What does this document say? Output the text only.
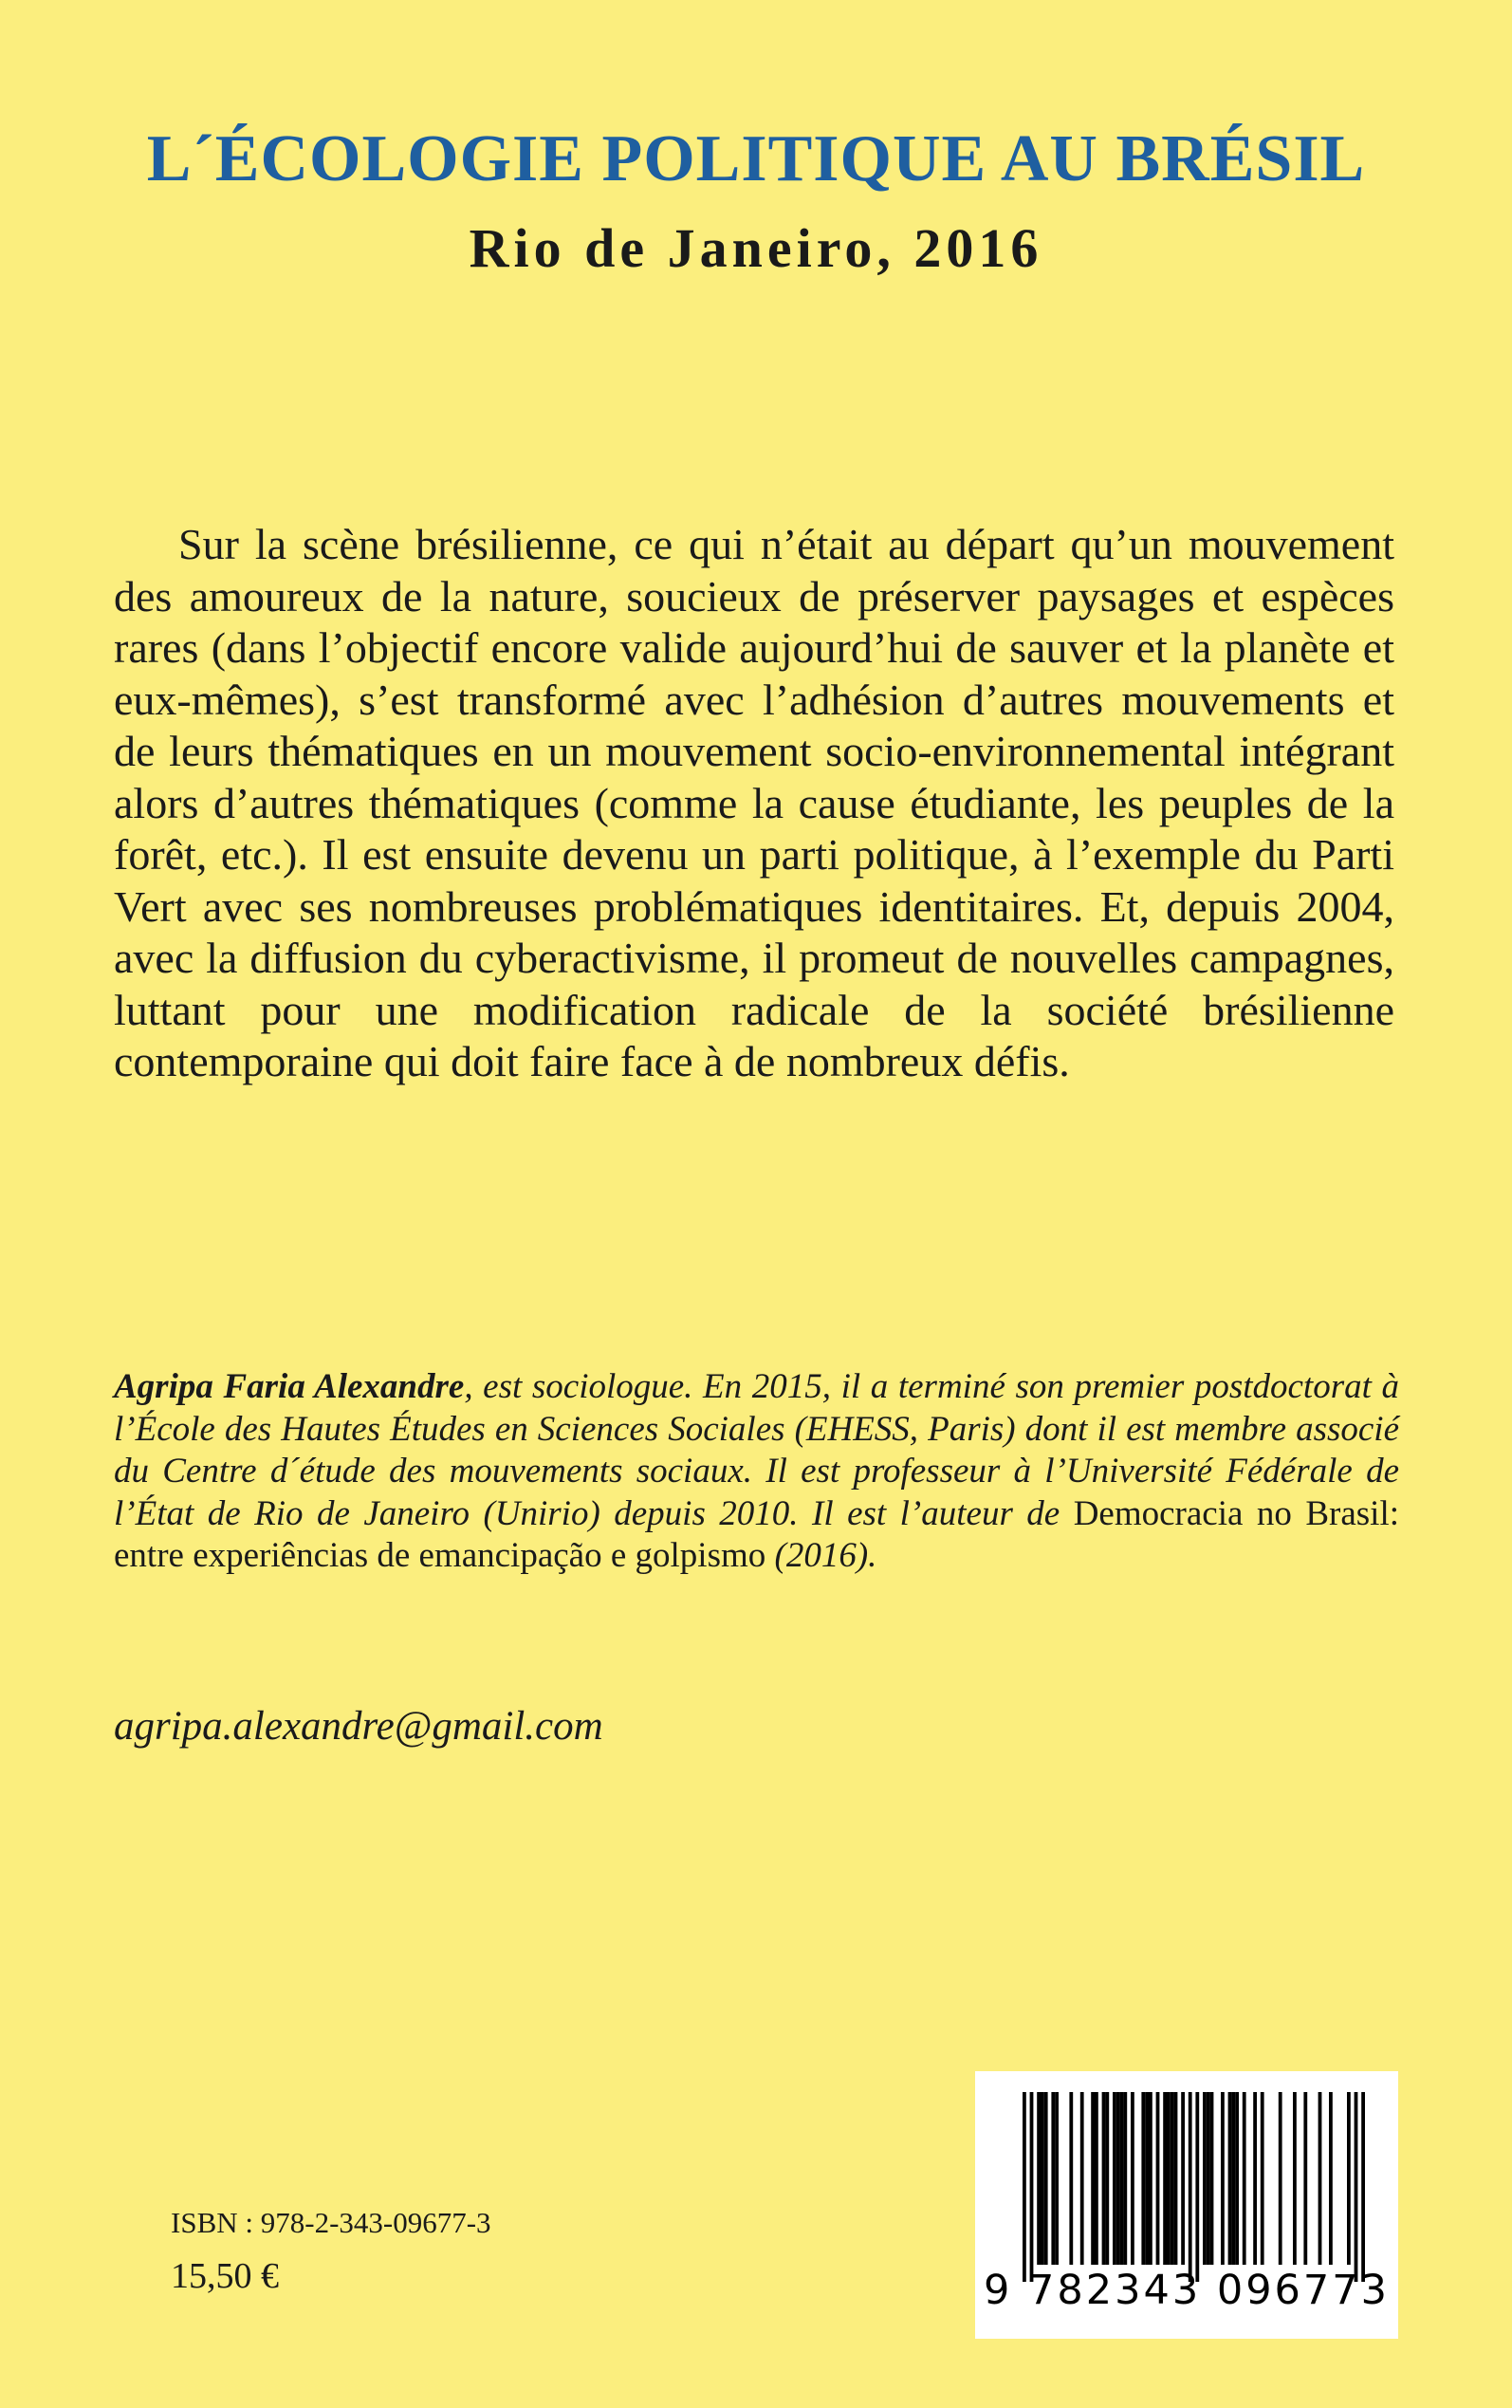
L´ÉCOLOGIE POLITIQUE AU BRÉSIL
Rio de Janeiro, 2016

Sur la scène brésilienne, ce qui n’était au départ qu’un mouvement des amoureux de la nature, soucieux de préserver paysages et espèces rares (dans l’objectif encore valide aujourd’hui de sauver et la planète et eux-mêmes), s’est transformé avec l’adhésion d’autres mouvements et de leurs thématiques en un mouvement socio-environnemental intégrant alors d’autres thématiques (comme la cause étudiante, les peuples de la forêt, etc.). Il est ensuite devenu un parti politique, à l’exemple du Parti Vert avec ses nombreuses problématiques identitaires. Et, depuis 2004, avec la diffusion du cyberactivisme, il promeut de nouvelles campagnes, luttant pour une modification radicale de la société brésilienne contemporaine qui doit faire face à de nombreux défis.

Agripa Faria Alexandre, est sociologue. En 2015, il a terminé son premier postdoctorat à l’École des Hautes Études en Sciences Sociales (EHESS, Paris) dont il est membre associé du Centre d´étude des mouvements sociaux. Il est professeur à l’Université Fédérale de l’État de Rio de Janeiro (Unirio) depuis 2010. Il est l’auteur de Democracia no Brasil: entre experiências de emancipação e golpismo (2016).

agripa.alexandre@gmail.com
ISBN : 978-2-343-09677-3
15,50 €	9 782343 096773
